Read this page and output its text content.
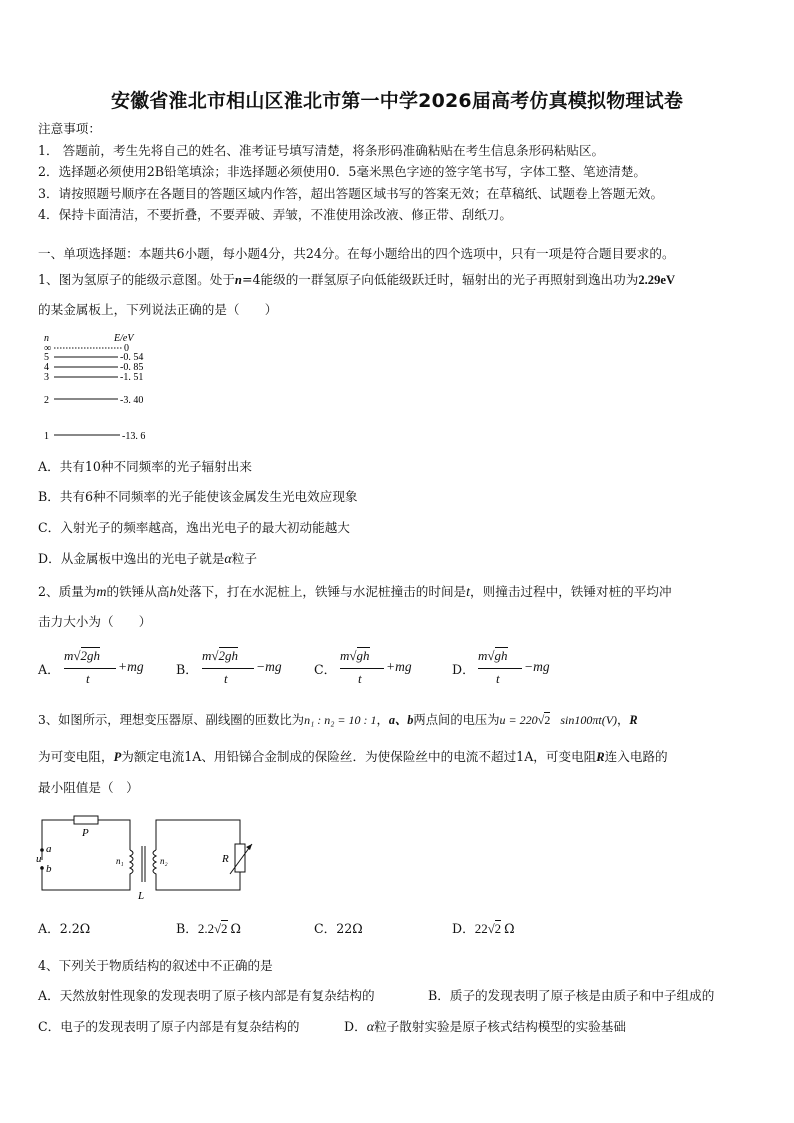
安徽省淮北市相山区淮北市第一中学2026届高考仿真模拟物理试卷
注意事项：
1． 答题前，考生先将自己的姓名、准考证号填写清楚，将条形码准确粘贴在考生信息条形码粘贴区。
2．选择题必须使用2B铅笔填涂；非选择题必须使用0．5毫米黑色字迹的签字笔书写，字体工整、笔迹清楚。
3．请按照题号顺序在各题目的答题区域内作答，超出答题区域书写的答案无效；在草稿纸、试题卷上答题无效。
4．保持卡面清洁，不要折叠，不要弄破、弄皱，不准使用涂改液、修正带、刮纸刀。
一、单项选择题：本题共6小题，每小题4分，共24分。在每小题给出的四个选项中，只有一项是符合题目要求的。
1、图为氢原子的能级示意图。处于n=4能级的一群氢原子向低能级跃迁时，辐射出的光子再照射到逸出功为2.29eV
的某金属板上，下列说法正确的是（　　）
n	E/eV
∞	0
5	-0. 54
4	-0. 85
3	-1. 51
2	-3. 40
1	-13. 6
A．共有10种不同频率的光子辐射出来
B．共有6种不同频率的光子能使该金属发生光电效应现象
C．入射光子的频率越高，逸出光电子的最大初动能越大
D．从金属板中逸出的光电子就是α粒子
2、质量为m的铁锤从高h处落下，打在水泥桩上，铁锤与水泥桩撞击的时间是t，则撞击过程中，铁锤对桩的平均冲
击力大小为（　　）
A．
m√2gh
t
+mg	B．
m√2gh
t
−mg	C．
m√gh
t
+mg	D．
m√gh
t
−mg
3、如图所示，理想变压器原、副线圈的匝数比为n₁ : n₂ = 10 : 1，a、b两点间的电压为u = 220√2 sin100πt(V)，R
为可变电阻，P为额定电流1A、用铅锑合金制成的保险丝．为使保险丝中的电流不超过1A，可变电阻R连入电路的
最小阻值是（　）
P
a
u
b
n₁
L
n₂	R
A．2.2Ω	B．2.2√2 Ω	C．22Ω	D．22√2 Ω
4、下列关于物质结构的叙述中不正确的是
A．天然放射性现象的发现表明了原子核内部是有复杂结构的	B．质子的发现表明了原子核是由质子和中子组成的
C．电子的发现表明了原子内部是有复杂结构的	D．α粒子散射实验是原子核式结构模型的实验基础
